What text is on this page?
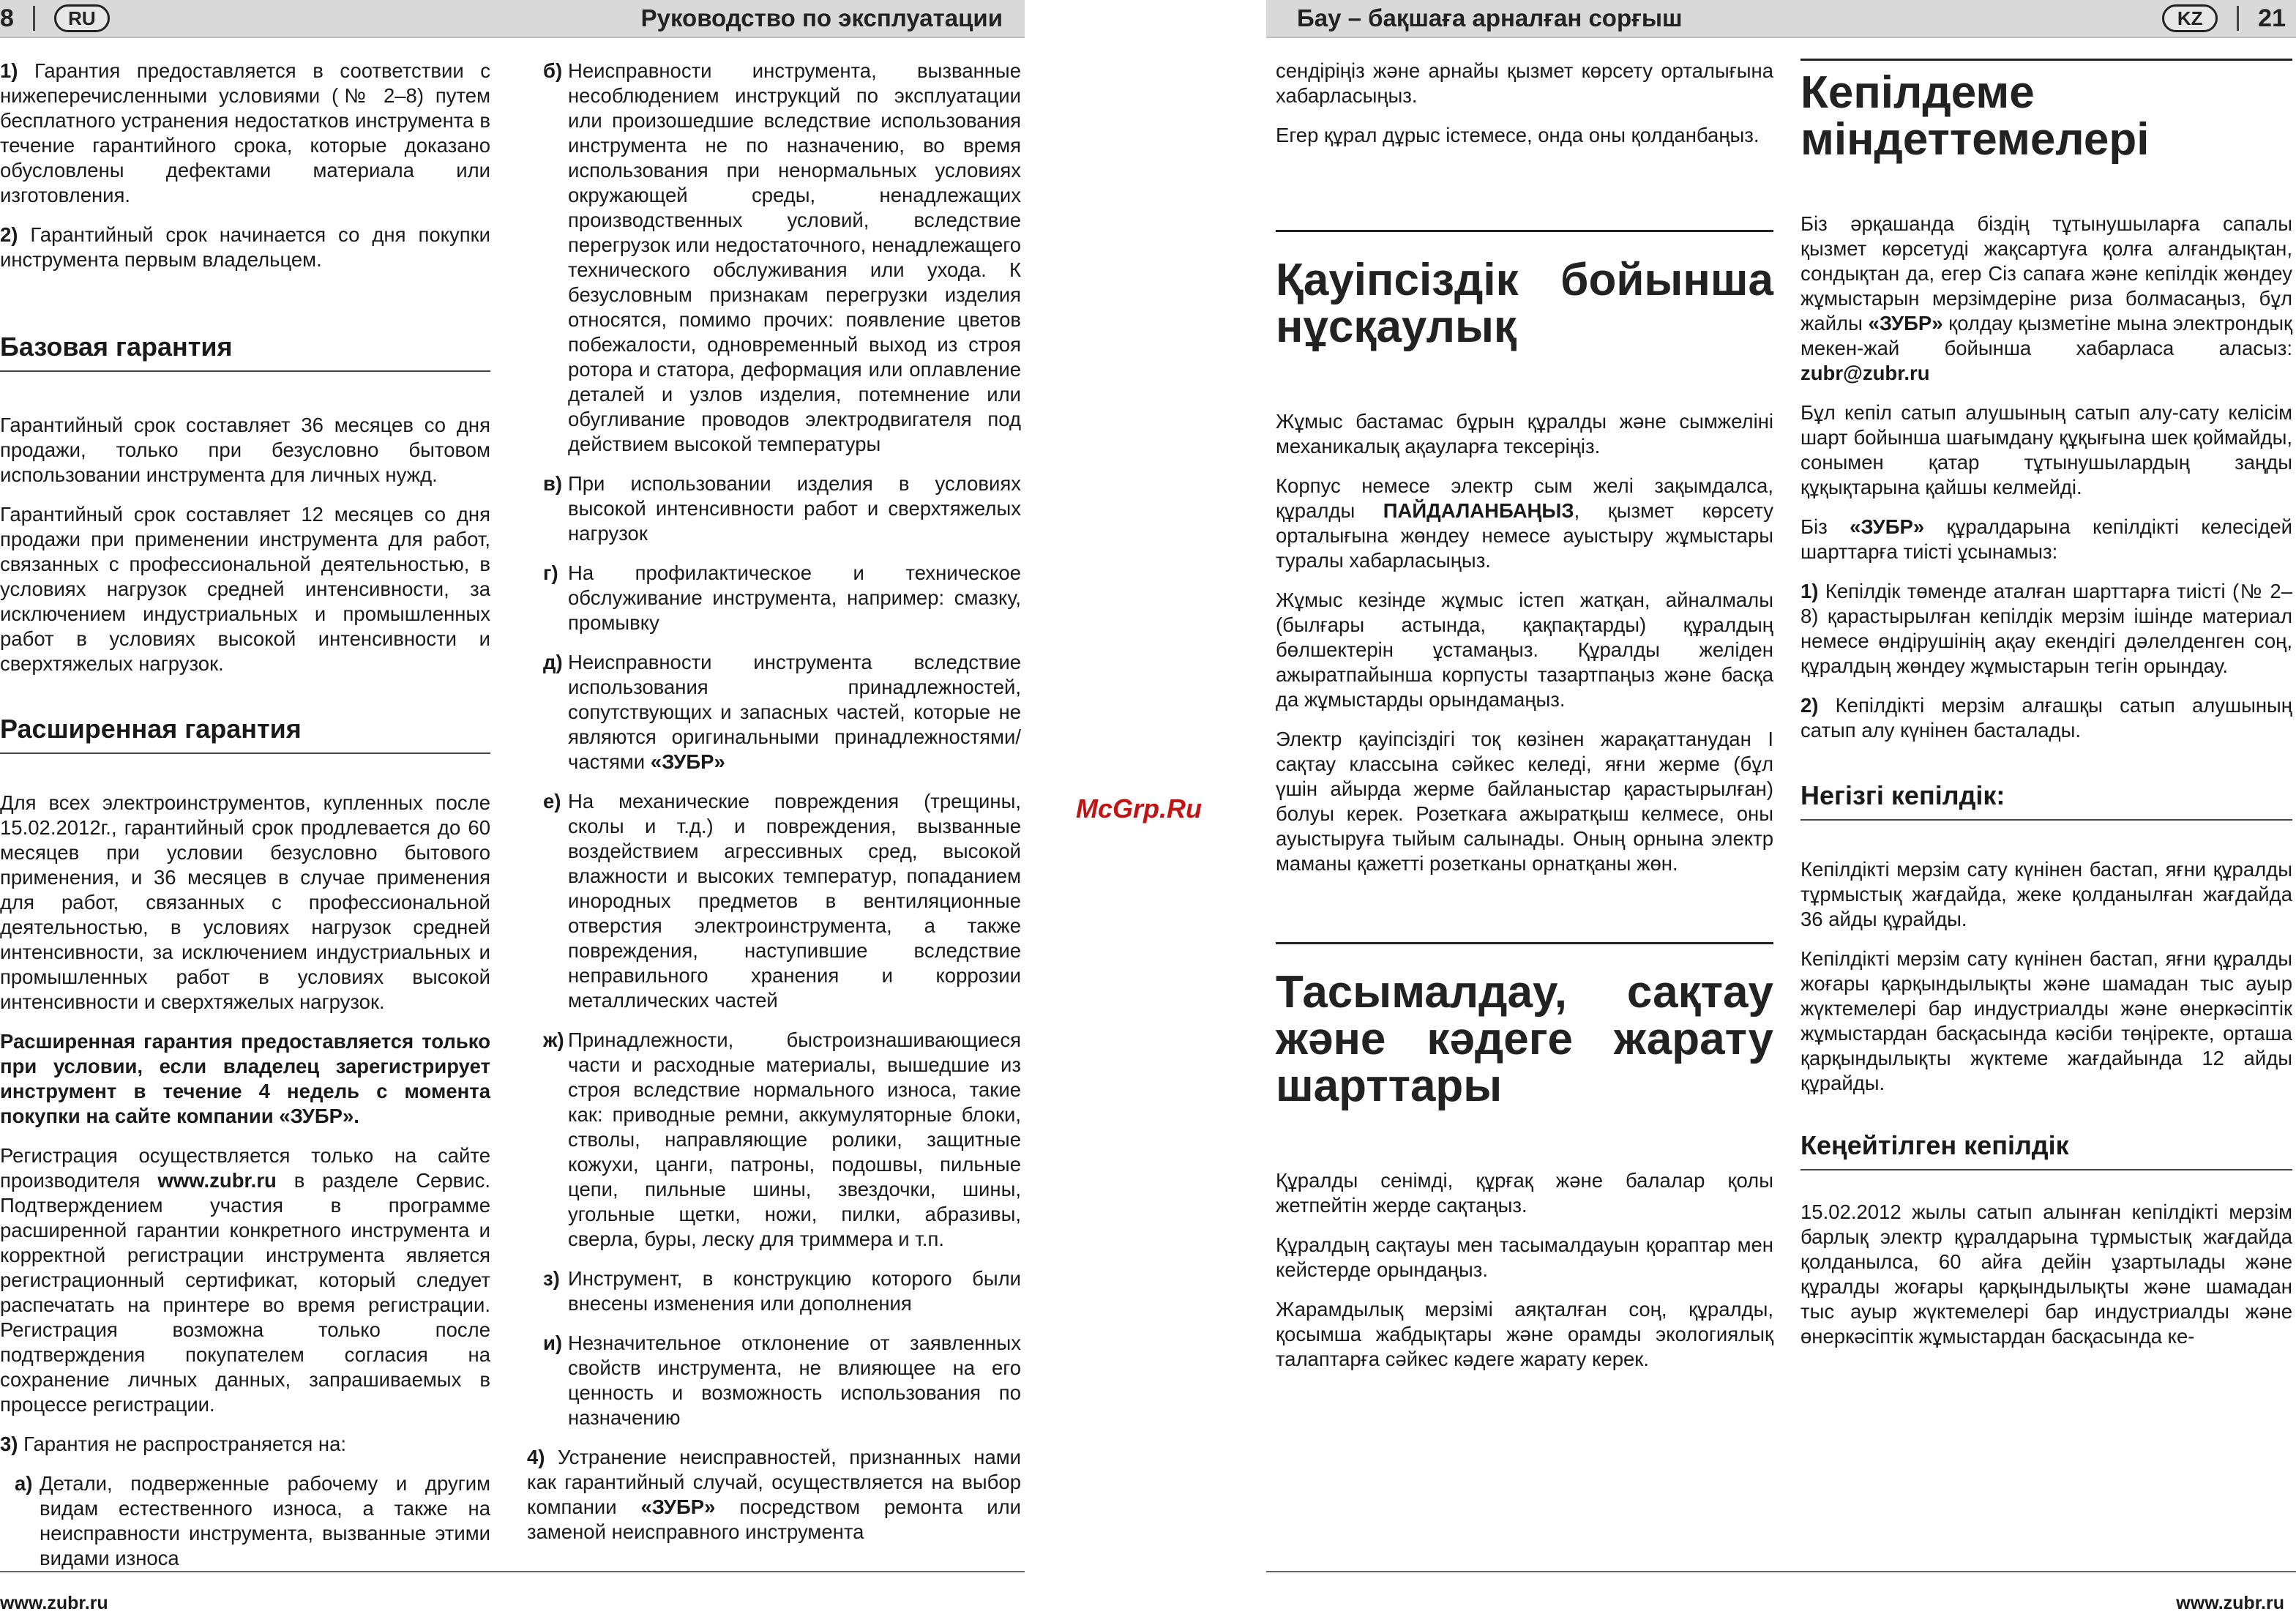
8	RU	Руководство по эксплуатации

1) Гарантия предоставляется в соответствии с нижеперечисленными условиями (№ 2–8) путем бесплатного устранения недостатков инструмента в течение гарантийного срока, которые доказано обусловлены дефектами материала или изготовления.

2) Гарантийный срок начинается со дня покупки инструмента первым владельцем.

Базовая гарантия

Гарантийный срок составляет 36 месяцев со дня продажи, только при безусловно бытовом использовании инструмента для личных нужд.

Гарантийный срок составляет 12 месяцев со дня продажи при применении инструмента для работ, связанных с профессиональной деятельностью, в условиях нагрузок средней интенсивности, за исключением индустриальных и промышленных работ в условиях высокой интенсивности и сверхтяжелых нагрузок.

Расширенная гарантия

Для всех электроинструментов, купленных после 15.02.2012г., гарантийный срок продлевается до 60 месяцев при условии безусловно бытового применения, и 36 месяцев в случае применения для работ, связанных с профессиональной деятельностью, в условиях нагрузок средней интенсивности, за исключением индустриальных и промышленных работ в условиях высокой интенсивности и сверхтяжелых нагрузок.

Расширенная гарантия предоставляется только при условии, если владелец зарегистрирует инструмент в течение 4 недель с момента покупки на сайте компании «ЗУБР».

Регистрация осуществляется только на сайте производителя www.zubr.ru в разделе Сервис. Подтверждением участия в программе расширенной гарантии конкретного инструмента и корректной регистрации инструмента является регистрационный сертификат, который следует распечатать на принтере во время регистрации. Регистрация возможна только после подтверждения покупателем согласия на сохранение личных данных, запрашиваемых в процессе регистрации.

3) Гарантия не распространяется на:

а) Детали, подверженные рабочему и другим видам естественного износа, а также на неисправности инструмента, вызванные этими видами износа
б) Неисправности инструмента, вызванные несоблюдением инструкций по эксплуатации или произошедшие вследствие использования инструмента не по назначению, во время использования при ненормальных условиях окружающей среды, ненадлежащих производственных условий, вследствие перегрузок или недостаточного, ненадлежащего технического обслуживания или ухода. К безусловным признакам перегрузки изделия относятся, помимо прочих: появление цветов побежалости, одновременный выход из строя ротора и статора, деформация или оплавление деталей и узлов изделия, потемнение или обугливание проводов электродвигателя под действием высокой температуры
в) При использовании изделия в условиях высокой интенсивности работ и сверхтяжелых нагрузок
г) На профилактическое и техническое обслуживание инструмента, например: смазку, промывку
д) Неисправности инструмента вследствие использования принадлежностей, сопутствующих и запасных частей, которые не являются оригинальными принадлежностями/частями «ЗУБР»
е) На механические повреждения (трещины, сколы и т.д.) и повреждения, вызванные воздействием агрессивных сред, высокой влажности и высоких температур, попаданием инородных предметов в вентиляционные отверстия электроинструмента, а также повреждения, наступившие вследствие неправильного хранения и коррозии металлических частей
ж) Принадлежности, быстроизнашивающиеся части и расходные материалы, вышедшие из строя вследствие нормального износа, такие как: приводные ремни, аккумуляторные блоки, стволы, направляющие ролики, защитные кожухи, цанги, патроны, подошвы, пильные цепи, пильные шины, звездочки, шины, угольные щетки, ножи, пилки, абразивы, сверла, буры, леску для триммера и т.п.
з) Инструмент, в конструкцию которого были внесены изменения или дополнения
и) Незначительное отклонение от заявленных свойств инструмента, не влияющее на его ценность и возможность использования по назначению

4) Устранение неисправностей, признанных нами как гарантийный случай, осуществляется на выбор компании «ЗУБР» посредством ремонта или заменой неисправного инструмента

www.zubr.ru
McGrp.Ru
Бау – бақшаға арналған сорғыш	KZ	21

сендіріңіз және арнайы қызмет көрсету орталығына хабарласыңыз.

Егер құрал дұрыс істемесе, онда оны қолданбаңыз.

Қауіпсіздік бойынша нұсқаулық

Жұмыс бастамас бұрын құралды және сымжеліні механикалық ақауларға тексеріңіз.

Корпус немесе электр сым желі зақымдалса, құралды ПАЙДАЛАНБАҢЫЗ, қызмет көрсету орталығына жөндеу немесе ауыстыру жұмыстары туралы хабарласыңыз.

Жұмыс кезінде жұмыс істеп жатқан, айналмалы (былғары астында, қақпақтарды) құралдың бөлшектерін ұстамаңыз. Құралды желіден ажыратпайынша корпусты тазартпаңыз және басқа да жұмыстарды орындамаңыз.

Электр қауіпсіздігі тоқ көзінен жарақаттанудан I сақтау классына сәйкес келеді, яғни жерме (бұл үшін айырда жерме байланыстар қарастырылған) болуы керек. Розеткаға ажыратқыш келмесе, оны ауыстыруға тыйым салынады. Оның орнына электр маманы қажетті розетканы орнатқаны жөн.

Тасымалдау, сақтау және кәдеге жарату шарттары

Құралды сенімді, құрғақ және балалар қолы жетпейтін жерде сақтаңыз.

Құралдың сақтауы мен тасымалдауын қораптар мен кейстерде орындаңыз.

Жарамдылық мерзімі аяқталған соң, құралды, қосымша жабдықтары және орамды экологиялық талаптарға сәйкес кәдеге жарату керек.

Кепілдеме міндеттемелері

Біз әрқашанда біздің тұтынушыларға сапалы қызмет көрсетуді жақсартуға қолға алғандықтан, сондықтан да, егер Сіз сапаға және кепілдік жөндеу жұмыстарын мерзімдеріне риза болмасаңыз, бұл жайлы «ЗУБР» қолдау қызметіне мына электрондық мекен-жай бойынша хабарласа аласыз: zubr@zubr.ru

Бұл кепіл сатып алушының сатып алу-сату келісім шарт бойынша шағымдану құқығына шек қоймайды, сонымен қатар тұтынушылардың заңды құқықтарына қайшы келмейді.

Біз «ЗУБР» құралдарына кепілдікті келесідей шарттарға тиісті ұсынамыз:

1) Кепілдік төменде аталған шарттарға тиісті (№ 2–8) қарастырылған кепілдік мерзім ішінде материал немесе өндірушінің ақау екендігі дәлелденген соң, құралдың жөндеу жұмыстарын тегін орындау.

2) Кепілдікті мерзім алғашқы сатып алушының сатып алу күнінен басталады.

Негізгі кепілдік:

Кепілдікті мерзім сату күнінен бастап, яғни құралды тұрмыстық жағдайда, жеке қолданылған жағдайда 36 айды құрайды.

Кепілдікті мерзім сату күнінен бастап, яғни құралды жоғары қарқындылықты және шамадан тыс ауыр жүктемелері бар индустриалды және өнеркәсіптік жұмыстардан басқасында кәсіби төңіректе, орташа қарқындылықты жүктеме жағдайында 12 айды құрайды.

Кеңейтілген кепілдік

15.02.2012 жылы сатып алынған кепілдікті мерзім барлық электр құралдарына тұрмыстық жағдайда қолданылса, 60 айға дейін ұзартылады және құралды жоғары қарқындылықты және шамадан тыс ауыр жүктемелері бар индустриалды және өнеркәсіптік жұмыстардан басқасында ке-

www.zubr.ru
